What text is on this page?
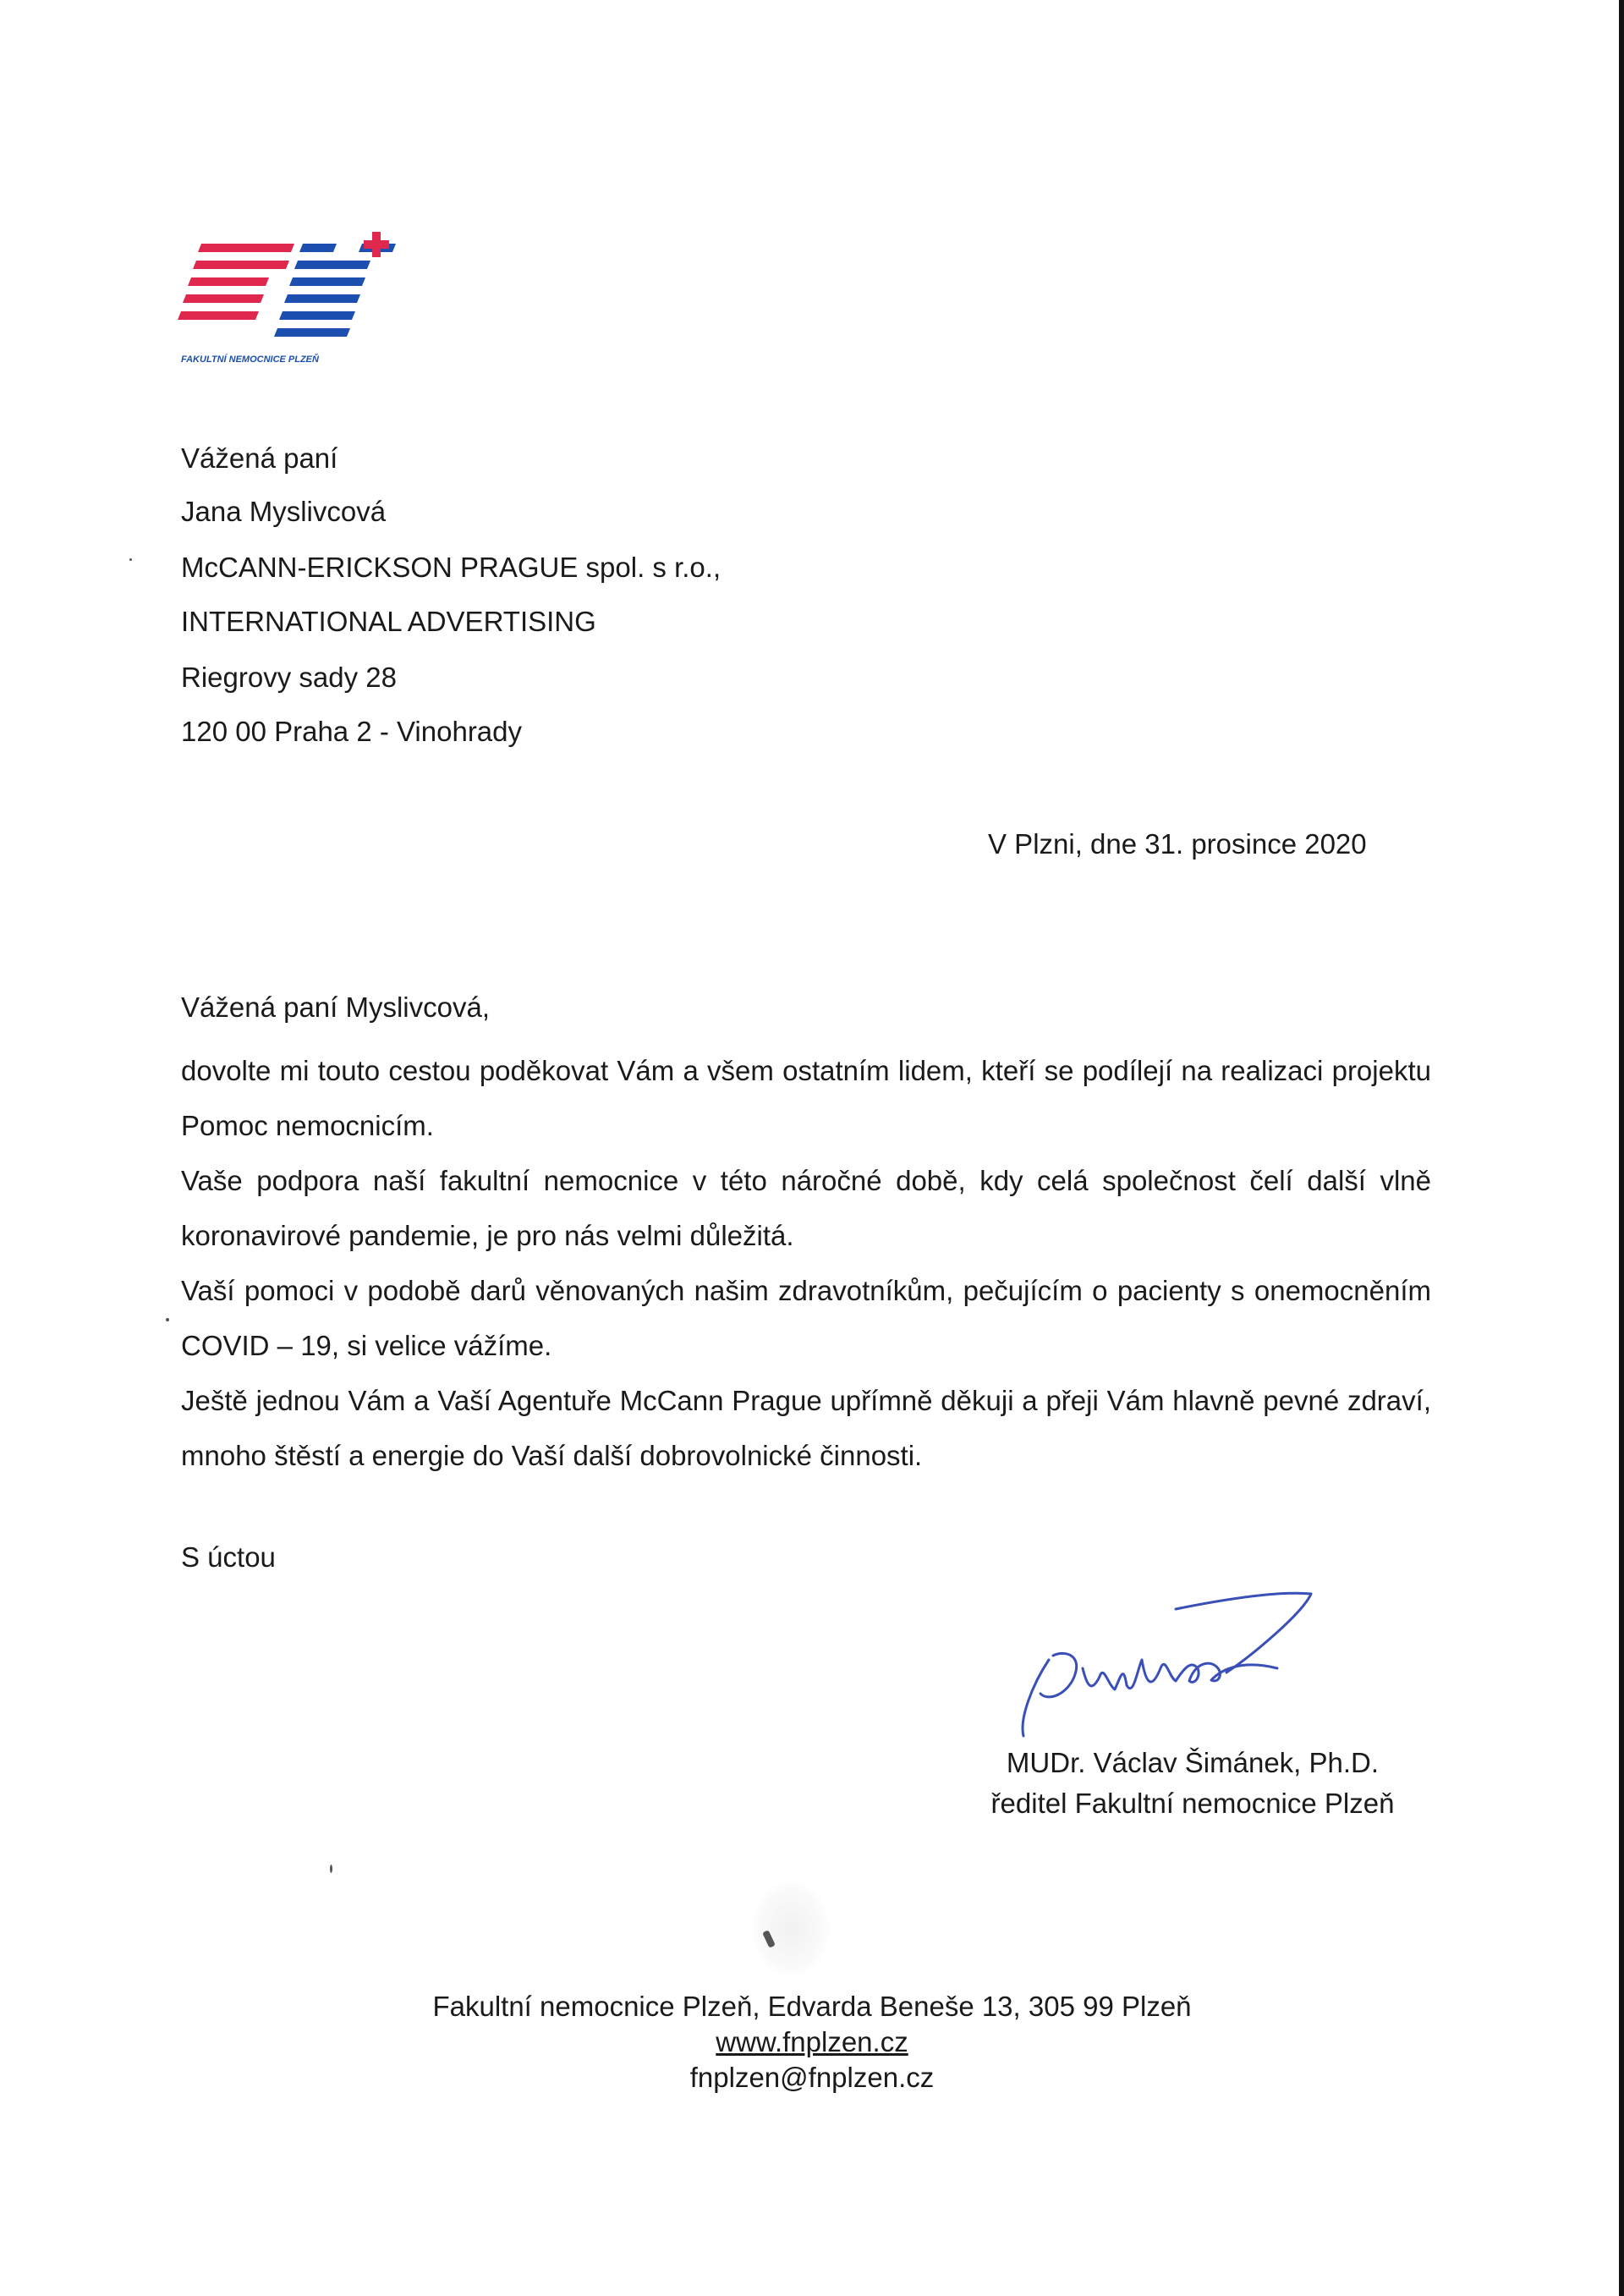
FAKULTNÍ NEMOCNICE PLZEŇ
Vážená paní
Jana Myslivcová
McCANN-ERICKSON PRAGUE spol. s r.o.,
INTERNATIONAL ADVERTISING
Riegrovy sady 28
120 00 Praha 2 - Vinohrady
V Plzni, dne 31. prosince 2020
Vážená paní Myslivcová,

dovolte mi touto cestou poděkovat Vám a všem ostatním lidem, kteří se podílejí na realizaci projektu Pomoc nemocnicím.

Vaše podpora naší fakultní nemocnice v této náročné době, kdy celá společnost čelí další vlně koronavirové pandemie, je pro nás velmi důležitá.

Vaší pomoci v podobě darů věnovaných našim zdravotníkům, pečujícím o pacienty s onemocněním COVID – 19, si velice vážíme.

Ještě jednou Vám a Vaší Agentuře McCann Prague upřímně děkuji a přeji Vám hlavně pevné zdraví, mnoho štěstí a energie do Vaší další dobrovolnické činnosti.

S úctou
MUDr. Václav Šimánek, Ph.D.
ředitel Fakultní nemocnice Plzeň
Fakultní nemocnice Plzeň, Edvarda Beneše 13, 305 99 Plzeň
www.fnplzen.cz
fnplzen@fnplzen.cz
